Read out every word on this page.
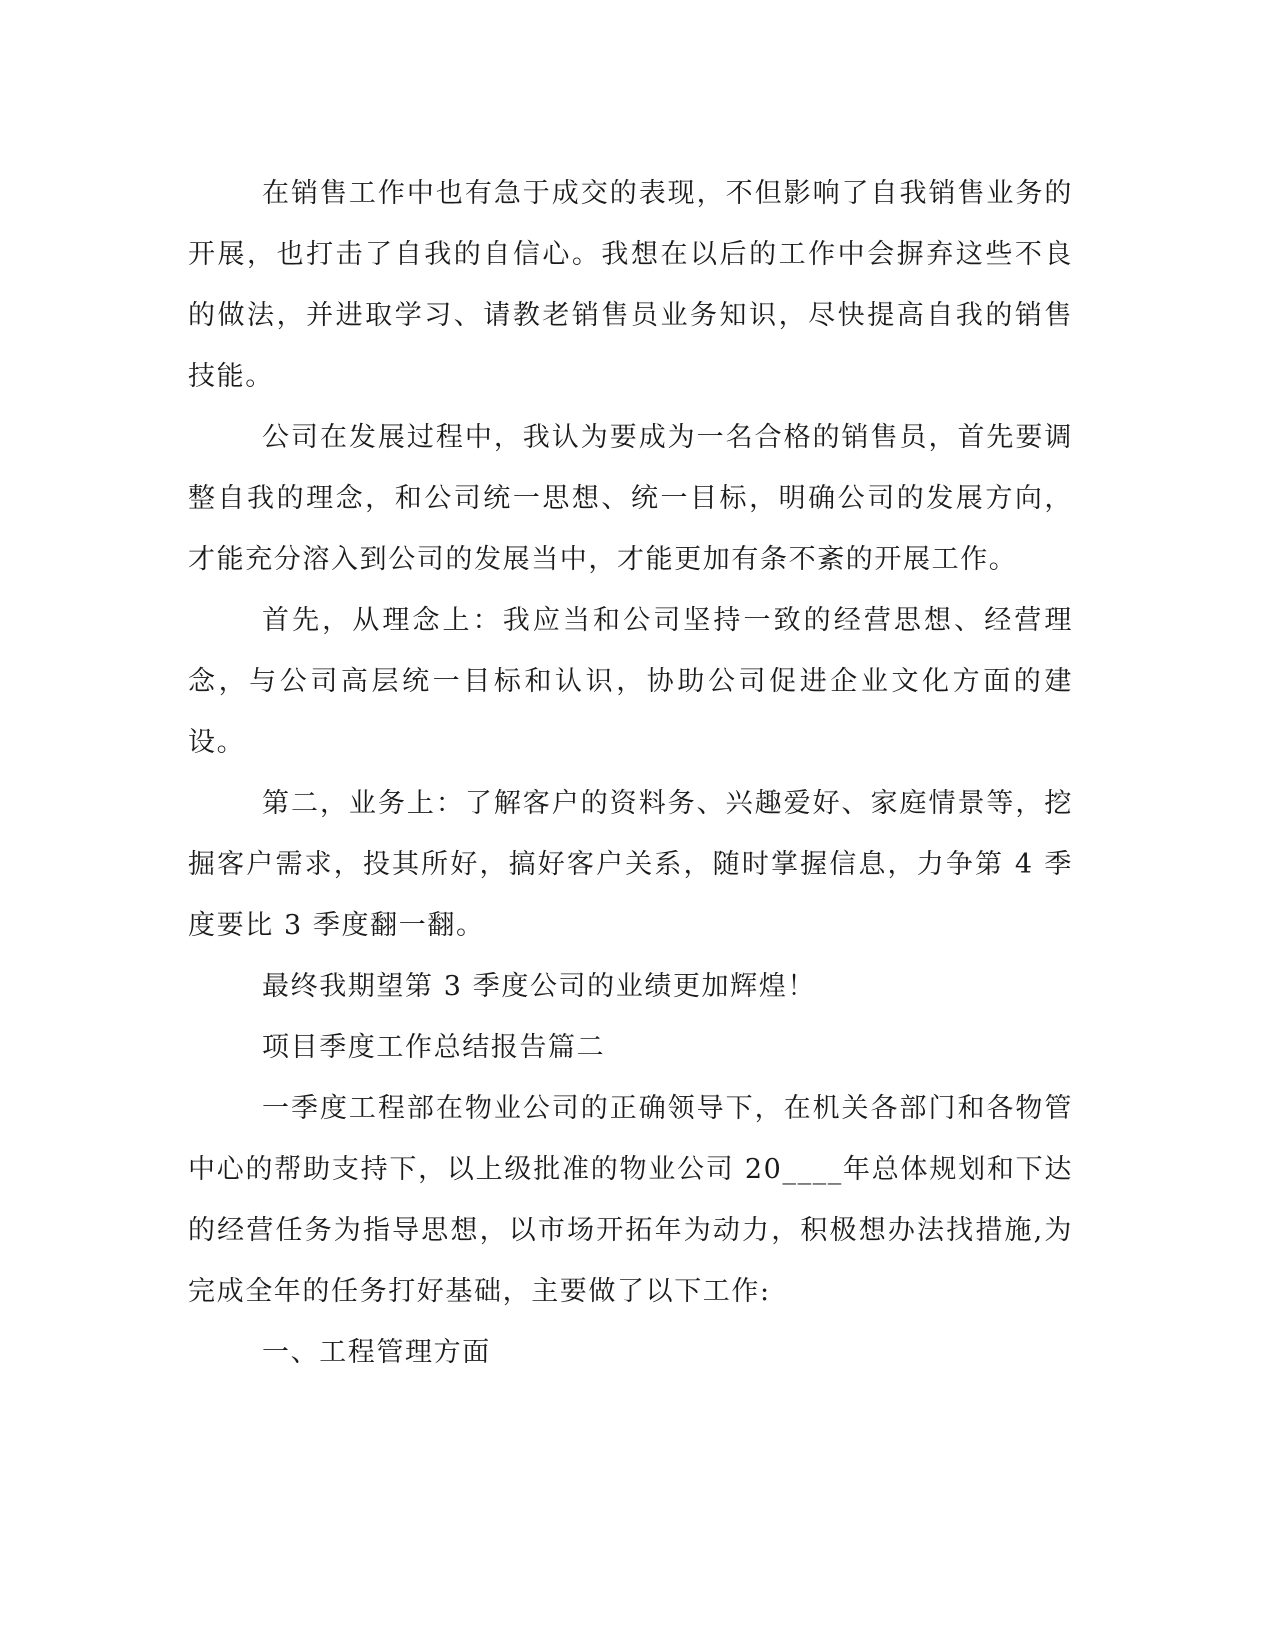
在销售工作中也有急于成交的表现，不但影响了自我销售业务的开展，也打击了自我的自信心。我想在以后的工作中会摒弃这些不良的做法，并进取学习、请教老销售员业务知识，尽快提高自我的销售技能。

公司在发展过程中，我认为要成为一名合格的销售员，首先要调整自我的理念，和公司统一思想、统一目标，明确公司的发展方向，才能充分溶入到公司的发展当中，才能更加有条不紊的开展工作。

首先，从理念上：我应当和公司坚持一致的经营思想、经营理念，与公司高层统一目标和认识，协助公司促进企业文化方面的建设。

第二，业务上：了解客户的资料务、兴趣爱好、家庭情景等，挖掘客户需求，投其所好，搞好客户关系，随时掌握信息，力争第 4 季度要比 3 季度翻一翻。

最终我期望第 3 季度公司的业绩更加辉煌！

项目季度工作总结报告篇二

一季度工程部在物业公司的正确领导下，在机关各部门和各物管中心的帮助支持下，以上级批准的物业公司 20____年总体规划和下达的经营任务为指导思想，以市场开拓年为动力，积极想办法找措施,为完成全年的任务打好基础，主要做了以下工作:

一、工程管理方面
